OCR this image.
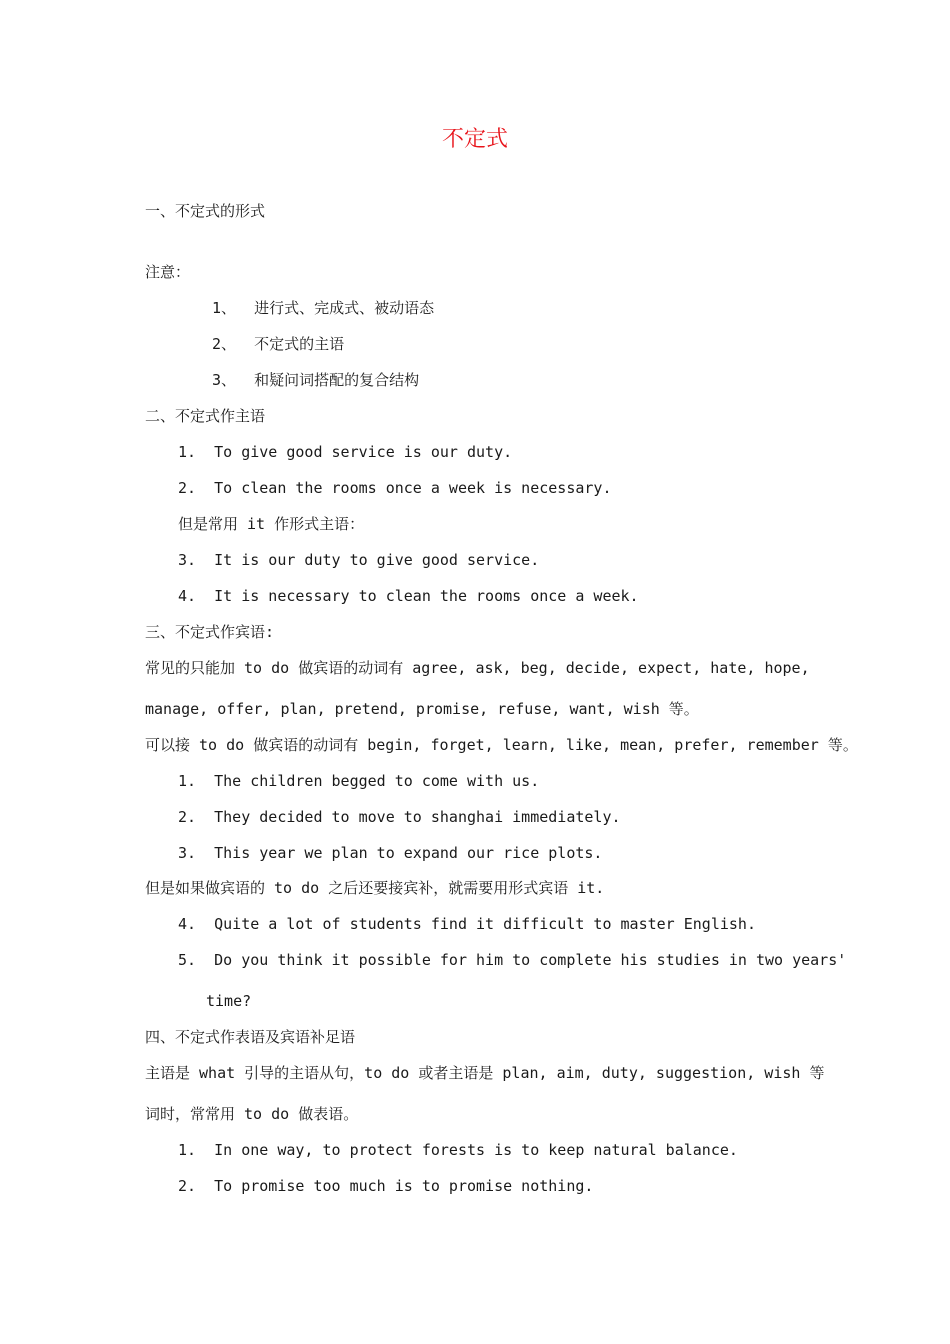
不定式
一、不定式的形式
注意：
1、  进行式、完成式、被动语态
2、  不定式的主语
3、  和疑问词搭配的复合结构
二、不定式作主语
1.  To give good service is our duty.
2.  To clean the rooms once a week is necessary.
但是常用 it 作形式主语：
3.  It is our duty to give good service.
4.  It is necessary to clean the rooms once a week.
三、不定式作宾语:
常见的只能加 to do 做宾语的动词有 agree, ask, beg, decide, expect, hate, hope,
manage, offer, plan, pretend, promise, refuse, want, wish 等。
可以接 to do 做宾语的动词有 begin, forget, learn, like, mean, prefer, remember 等。
1.  The children begged to come with us.
2.  They decided to move to shanghai immediately.
3.  This year we plan to expand our rice plots.
但是如果做宾语的 to do 之后还要接宾补，就需要用形式宾语 it.
4.  Quite a lot of students find it difficult to master English.
5.  Do you think it possible for him to complete his studies in two years'
time?
四、不定式作表语及宾语补足语
主语是 what 引导的主语从句，to do 或者主语是 plan, aim, duty, suggestion, wish 等
词时，常常用 to do 做表语。
1.  In one way, to protect forests is to keep natural balance.
2.  To promise too much is to promise nothing.
